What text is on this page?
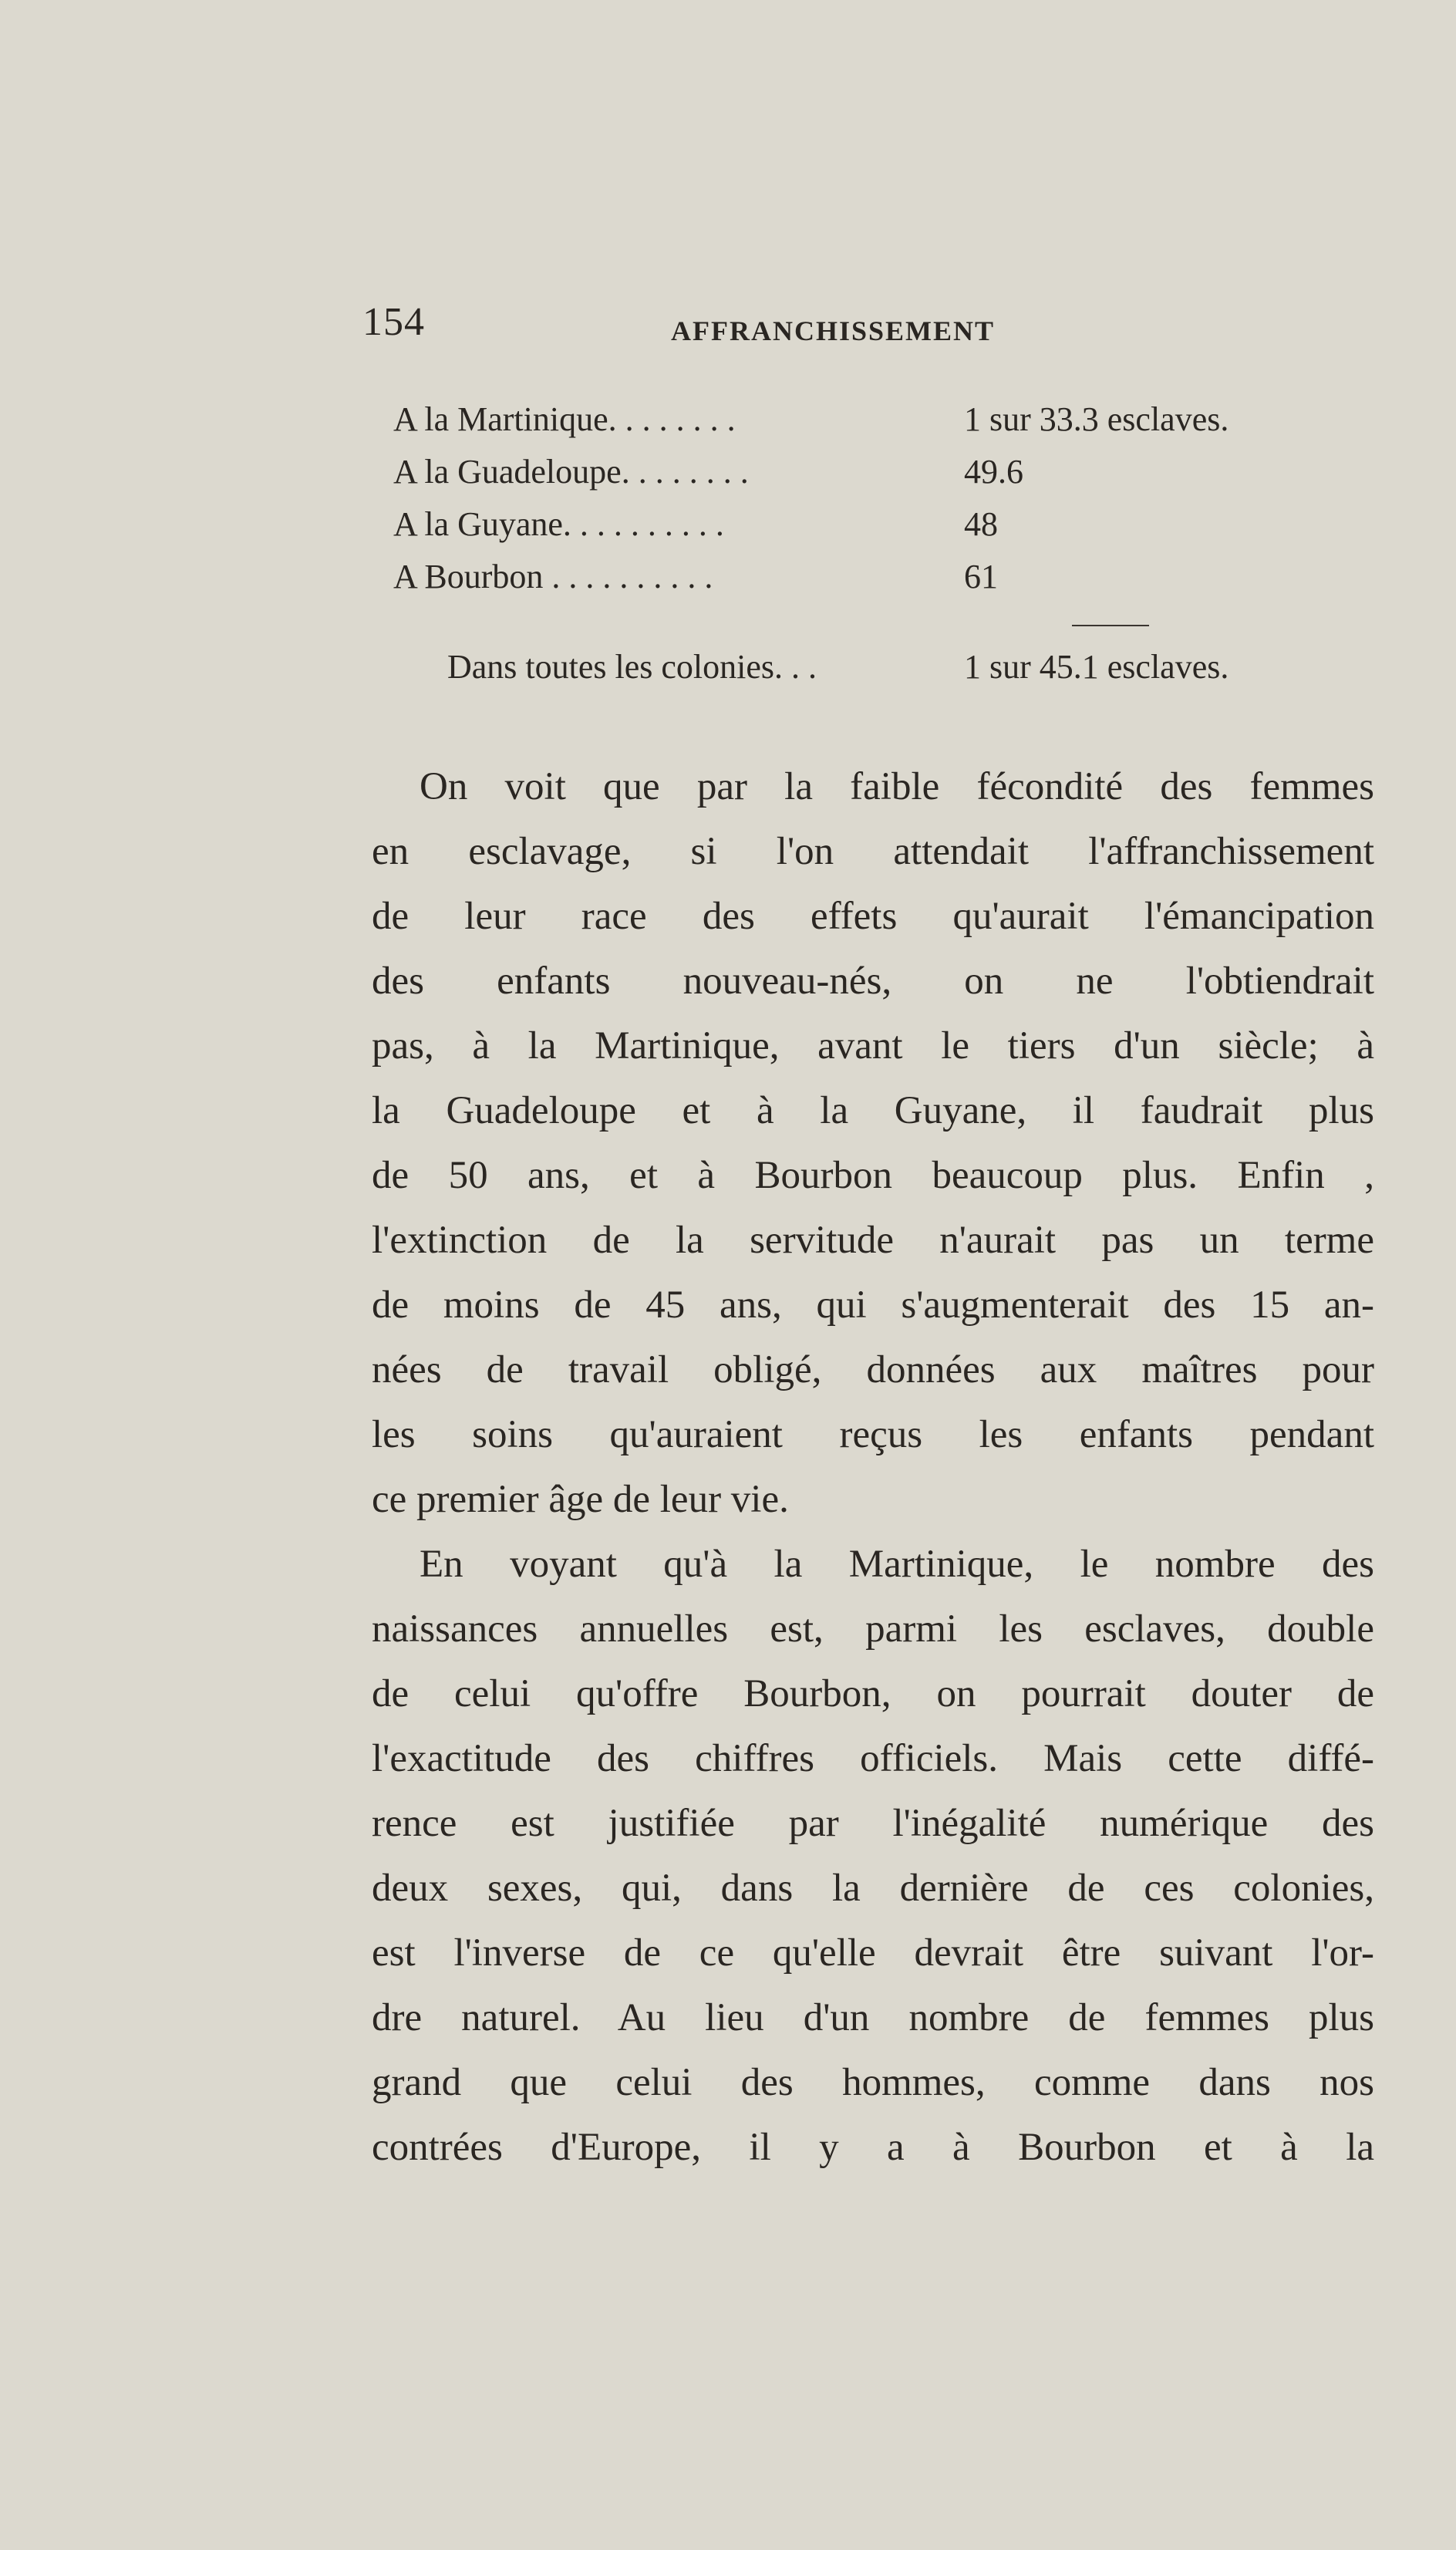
154	AFFRANCHISSEMENT
A la Martinique. . . . . . . .	1 sur 33.3 esclaves.
A la Guadeloupe. . . . . . . .	49.6
A la Guyane. . . . . . . . . .	48
A Bourbon . . . . . . . . . .	61
Dans toutes les colonies. . .	1 sur 45.1 esclaves.
On voit que par la faible fécondité des femmes
en esclavage, si l'on attendait l'affranchissement
de leur race des effets qu'aurait l'émancipation
des enfants nouveau-nés, on ne l'obtiendrait
pas, à la Martinique, avant le tiers d'un siècle; à
la Guadeloupe et à la Guyane, il faudrait plus
de 50 ans, et à Bourbon beaucoup plus. Enfin ,
l'extinction de la servitude n'aurait pas un terme
de moins de 45 ans, qui s'augmenterait des 15 an-
nées de travail obligé, données aux maîtres pour
les soins qu'auraient reçus les enfants pendant
ce premier âge de leur vie.
En voyant qu'à la Martinique, le nombre des
naissances annuelles est, parmi les esclaves, double
de celui qu'offre Bourbon, on pourrait douter de
l'exactitude des chiffres officiels. Mais cette diffé-
rence est justifiée par l'inégalité numérique des
deux sexes, qui, dans la dernière de ces colonies,
est l'inverse de ce qu'elle devrait être suivant l'or-
dre naturel. Au lieu d'un nombre de femmes plus
grand que celui des hommes, comme dans nos
contrées d'Europe, il y a à Bourbon et à la
